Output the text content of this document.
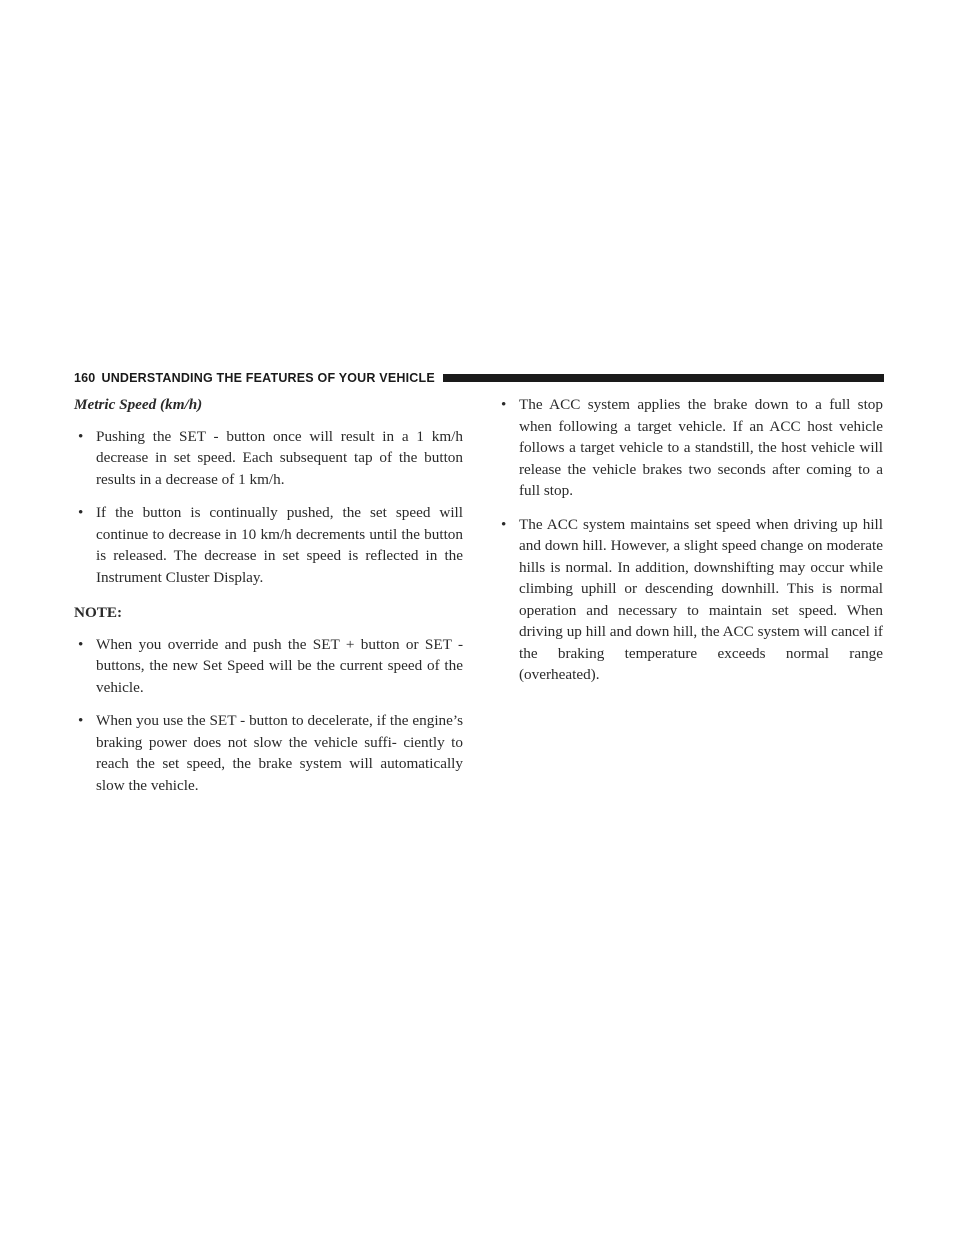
160 UNDERSTANDING THE FEATURES OF YOUR VEHICLE
Metric Speed (km/h)
• Pushing the SET - button once will result in a 1 km/h decrease in set speed. Each subsequent tap of the button results in a decrease of 1 km/h.
• If the button is continually pushed, the set speed will continue to decrease in 10 km/h decrements until the button is released. The decrease in set speed is reflected in the Instrument Cluster Display.
NOTE:
• When you override and push the SET + button or SET - buttons, the new Set Speed will be the current speed of the vehicle.
• When you use the SET - button to decelerate, if the engine’s braking power does not slow the vehicle suffi- ciently to reach the set speed, the brake system will automatically slow the vehicle.
• The ACC system applies the brake down to a full stop when following a target vehicle. If an ACC host vehicle follows a target vehicle to a standstill, the host vehicle will release the vehicle brakes two seconds after coming to a full stop.
• The ACC system maintains set speed when driving up hill and down hill. However, a slight speed change on moderate hills is normal. In addition, downshifting may occur while climbing uphill or descending downhill. This is normal operation and necessary to maintain set speed. When driving up hill and down hill, the ACC system will cancel if the braking temperature exceeds normal range (overheated).
